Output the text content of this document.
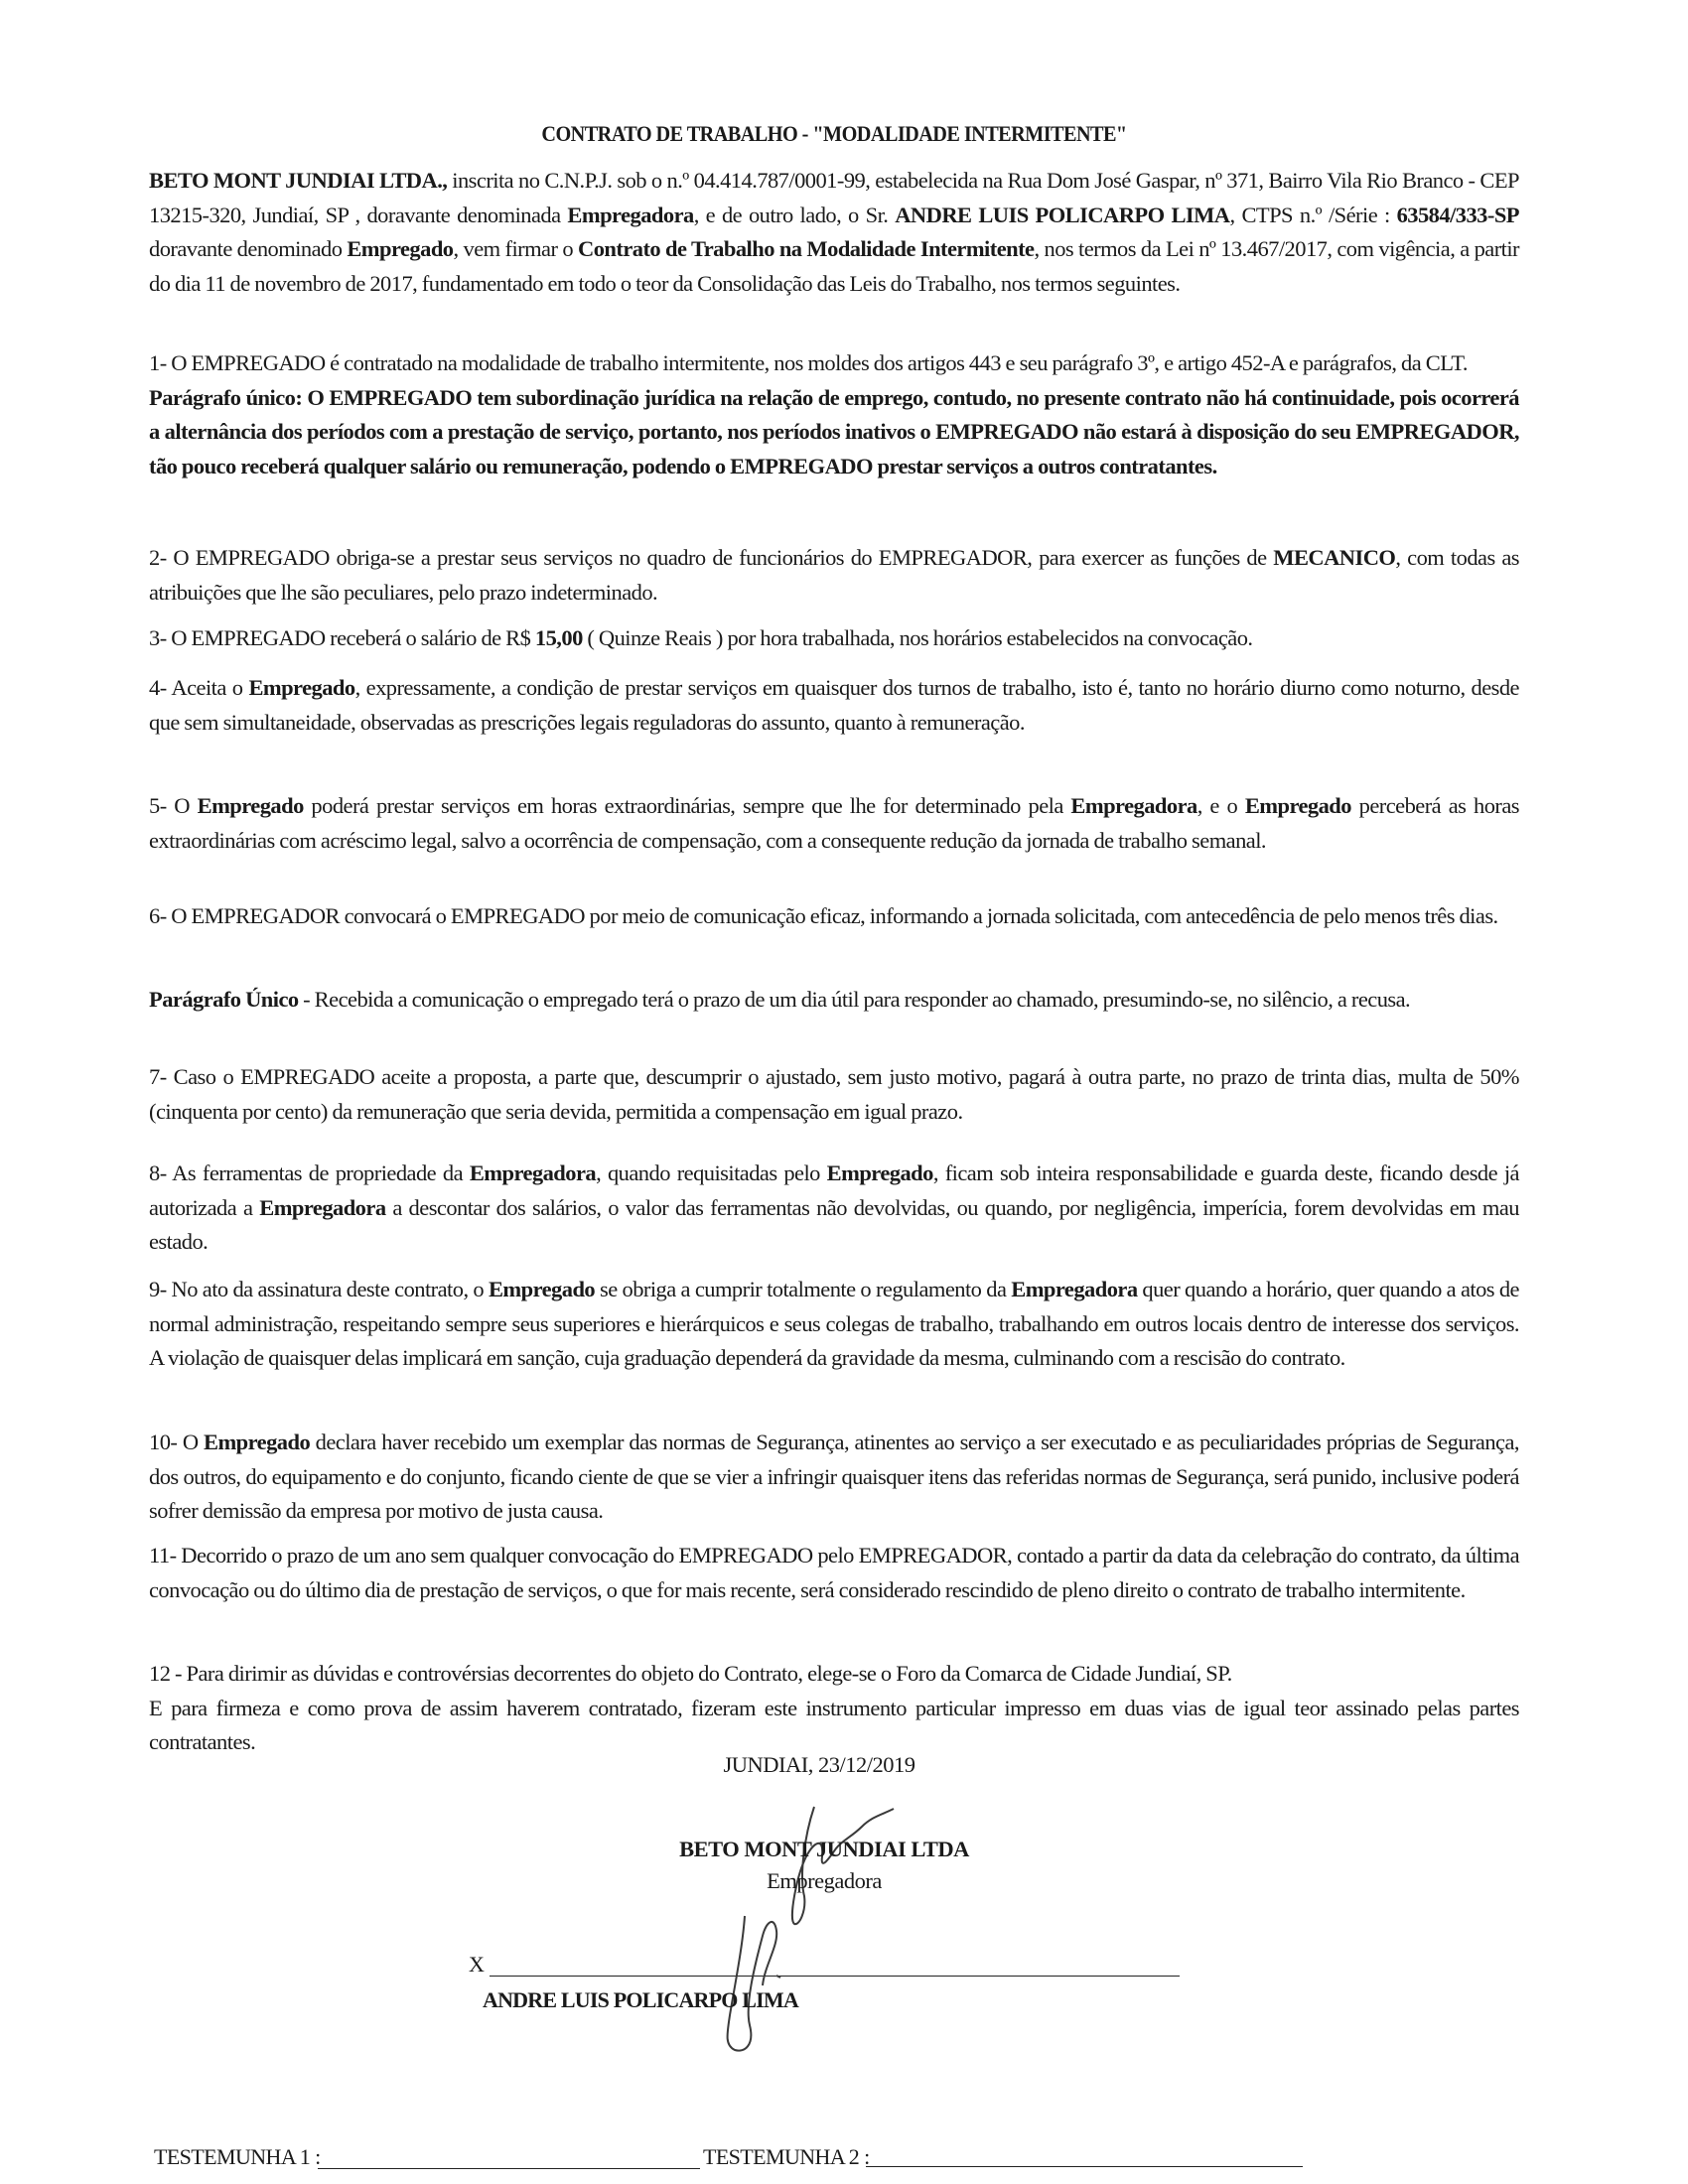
CONTRATO DE TRABALHO - "MODALIDADE INTERMITENTE"

BETO MONT JUNDIAI LTDA., inscrita no C.N.P.J. sob o n.º 04.414.787/0001-99, estabelecida na Rua Dom José Gaspar, nº 371, Bairro Vila Rio Branco - CEP 13215-320, Jundiaí, SP , doravante denominada Empregadora, e de outro lado, o Sr. ANDRE LUIS POLICARPO LIMA, CTPS n.º /Série : 63584/333-SP doravante denominado Empregado, vem firmar o Contrato de Trabalho na Modalidade Intermitente, nos termos da Lei nº 13.467/2017, com vigência, a partir do dia 11 de novembro de 2017, fundamentado em todo o teor da Consolidação das Leis do Trabalho, nos termos seguintes.

1- O EMPREGADO é contratado na modalidade de trabalho intermitente, nos moldes dos artigos 443 e seu parágrafo 3º, e artigo 452-A e parágrafos, da CLT.
Parágrafo único: O EMPREGADO tem subordinação jurídica na relação de emprego, contudo, no presente contrato não há continuidade, pois ocorrerá a alternância dos períodos com a prestação de serviço, portanto, nos períodos inativos o EMPREGADO não estará à disposição do seu EMPREGADOR, tão pouco receberá qualquer salário ou remuneração, podendo o EMPREGADO prestar serviços a outros contratantes.

2- O EMPREGADO obriga-se a prestar seus serviços no quadro de funcionários do EMPREGADOR, para exercer as funções de MECANICO, com todas as atribuições que lhe são peculiares, pelo prazo indeterminado.

3- O EMPREGADO receberá o salário de R$ 15,00 ( Quinze Reais ) por hora trabalhada, nos horários estabelecidos na convocação.

4- Aceita o Empregado, expressamente, a condição de prestar serviços em quaisquer dos turnos de trabalho, isto é, tanto no horário diurno como noturno, desde que sem simultaneidade, observadas as prescrições legais reguladoras do assunto, quanto à remuneração.

5- O Empregado poderá prestar serviços em horas extraordinárias, sempre que lhe for determinado pela Empregadora, e o Empregado perceberá as horas extraordinárias com acréscimo legal, salvo a ocorrência de compensação, com a consequente redução da jornada de trabalho semanal.

6- O EMPREGADOR convocará o EMPREGADO por meio de comunicação eficaz, informando a jornada solicitada, com antecedência de pelo menos três dias.

Parágrafo Único - Recebida a comunicação o empregado terá o prazo de um dia útil para responder ao chamado, presumindo-se, no silêncio, a recusa.

7- Caso o EMPREGADO aceite a proposta, a parte que, descumprir o ajustado, sem justo motivo, pagará à outra parte, no prazo de trinta dias, multa de 50% (cinquenta por cento) da remuneração que seria devida, permitida a compensação em igual prazo.

8- As ferramentas de propriedade da Empregadora, quando requisitadas pelo Empregado, ficam sob inteira responsabilidade e guarda deste, ficando desde já autorizada a Empregadora a descontar dos salários, o valor das ferramentas não devolvidas, ou quando, por negligência, imperícia, forem devolvidas em mau estado.

9- No ato da assinatura deste contrato, o Empregado se obriga a cumprir totalmente o regulamento da Empregadora quer quando a horário, quer quando a atos de normal administração, respeitando sempre seus superiores e hierárquicos e seus colegas de trabalho, trabalhando em outros locais dentro de interesse dos serviços. A violação de quaisquer delas implicará em sanção, cuja graduação dependerá da gravidade da mesma, culminando com a rescisão do contrato.

10- O Empregado declara haver recebido um exemplar das normas de Segurança, atinentes ao serviço a ser executado e as peculiaridades próprias de Segurança, dos outros, do equipamento e do conjunto, ficando ciente de que se vier a infringir quaisquer itens das referidas normas de Segurança, será punido, inclusive poderá sofrer demissão da empresa por motivo de justa causa.

11- Decorrido o prazo de um ano sem qualquer convocação do EMPREGADO pelo EMPREGADOR, contado a partir da data da celebração do contrato, da última convocação ou do último dia de prestação de serviços, o que for mais recente, será considerado rescindido de pleno direito o contrato de trabalho intermitente.

12 - Para dirimir as dúvidas e controvérsias decorrentes do objeto do Contrato, elege-se o Foro da Comarca de Cidade Jundiaí, SP.
E para firmeza e como prova de assim haverem contratado, fizeram este instrumento particular impresso em duas vias de igual teor assinado pelas partes contratantes.

JUNDIAI, 23/12/2019
BETO MONT JUNDIAI LTDA
Empregadora
X
ANDRE LUIS POLICARPO LIMA
TESTEMUNHA 1 :	TESTEMUNHA 2 :
